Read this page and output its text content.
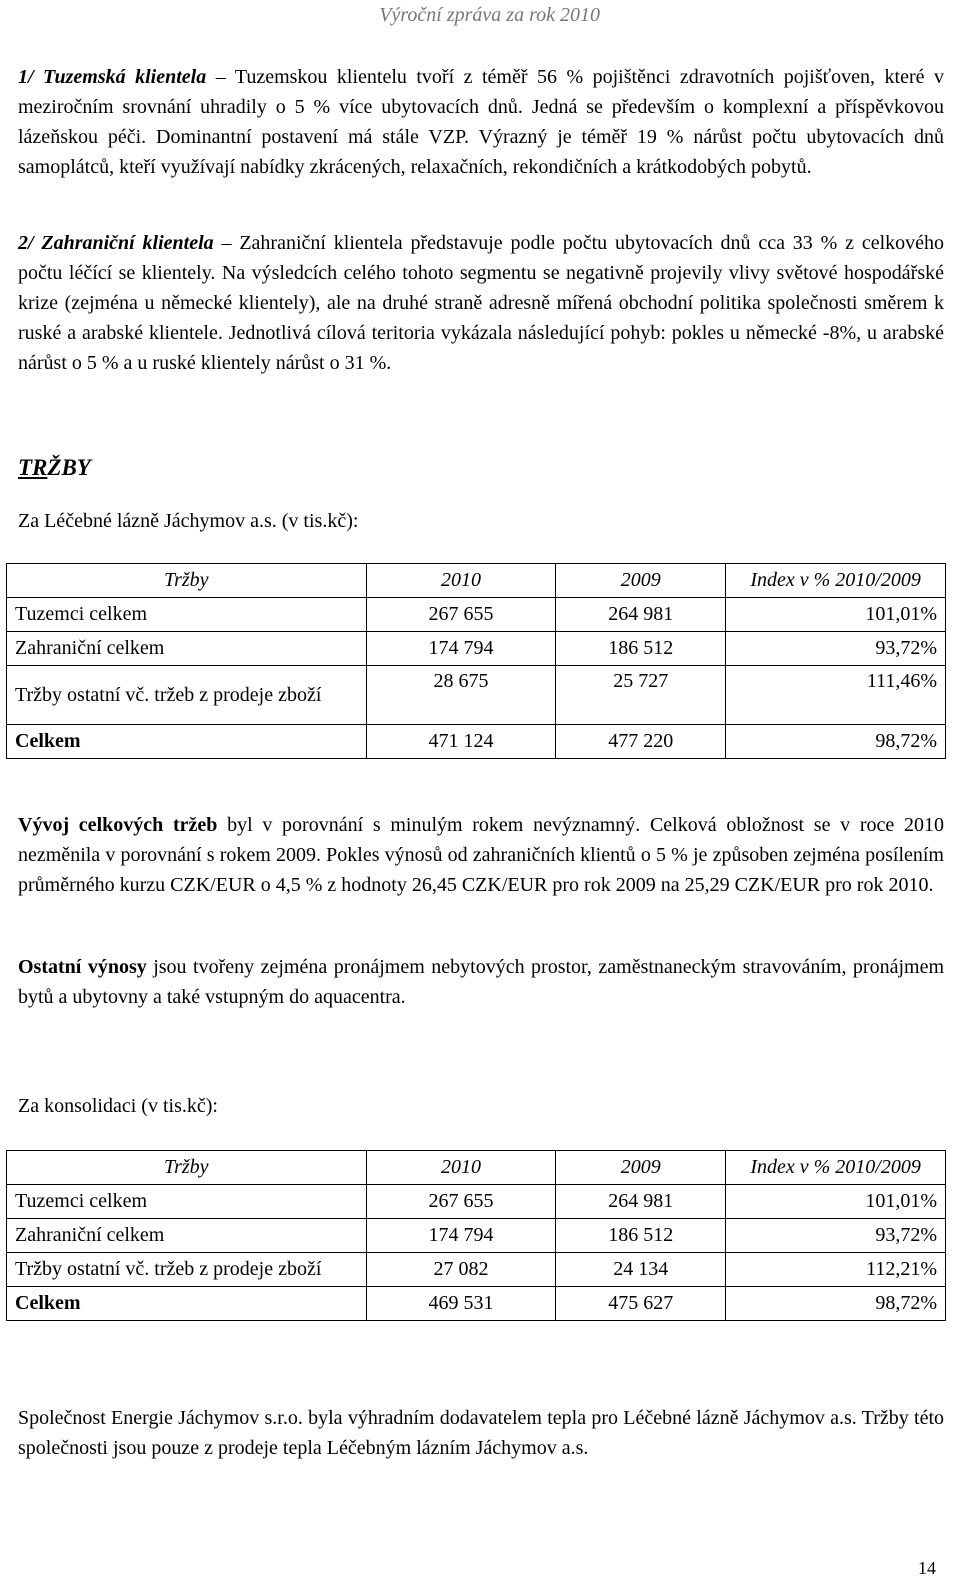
Výroční zpráva za rok 2010

1/ Tuzemská klientela – Tuzemskou klientelu tvoří z téměř 56 % pojištěnci zdravotních pojišťoven, které v meziročním srovnání uhradily o 5 % více ubytovacích dnů. Jedná se především o komplexní a příspěvkovou lázeňskou péči. Dominantní postavení má stále VZP. Výrazný je téměř 19 % nárůst počtu ubytovacích dnů samoplátců, kteří využívají nabídky zkrácených, relaxačních, rekondičních a krátkodobých pobytů.

2/ Zahraniční klientela – Zahraniční klientela představuje podle počtu ubytovacích dnů cca 33 % z celkového počtu léčící se klientely. Na výsledcích celého tohoto segmentu se negativně projevily vlivy světové hospodářské krize (zejména u německé klientely), ale na druhé straně adresně mířená obchodní politika společnosti směrem k ruské a arabské klientele. Jednotlivá cílová teritoria vykázala následující pohyb: pokles u německé -8%, u arabské nárůst o 5 % a u ruské klientely nárůst o 31 %.

TRŽBY
Za Léčebné lázně Jáchymov a.s. (v tis.kč):
Tržby	2010	2009	Index v % 2010/2009
Tuzemci celkem	267 655	264 981	101,01%
Zahraniční celkem	174 794	186 512	93,72%
Tržby ostatní vč. tržeb z prodeje zboží	28 675	25 727	111,46%
Celkem	471 124	477 220	98,72%

Vývoj celkových tržeb byl v porovnání s minulým rokem nevýznamný. Celková obložnost se v roce 2010 nezměnila v porovnání s rokem 2009. Pokles výnosů od zahraničních klientů o 5 % je způsoben zejména posílením průměrného kurzu CZK/EUR o 4,5 % z hodnoty 26,45 CZK/EUR pro rok 2009 na 25,29 CZK/EUR pro rok 2010.

Ostatní výnosy jsou tvořeny zejména pronájmem nebytových prostor, zaměstnaneckým stravováním, pronájmem bytů a ubytovny a také vstupným do aquacentra.

Za konsolidaci (v tis.kč):
Tržby	2010	2009	Index v % 2010/2009
Tuzemci celkem	267 655	264 981	101,01%
Zahraniční celkem	174 794	186 512	93,72%
Tržby ostatní vč. tržeb z prodeje zboží	27 082	24 134	112,21%
Celkem	469 531	475 627	98,72%

Společnost Energie Jáchymov s.r.o. byla výhradním dodavatelem tepla pro Léčebné lázně Jáchymov a.s. Tržby této společnosti jsou pouze z prodeje tepla Léčebným lázním Jáchymov a.s.

14
